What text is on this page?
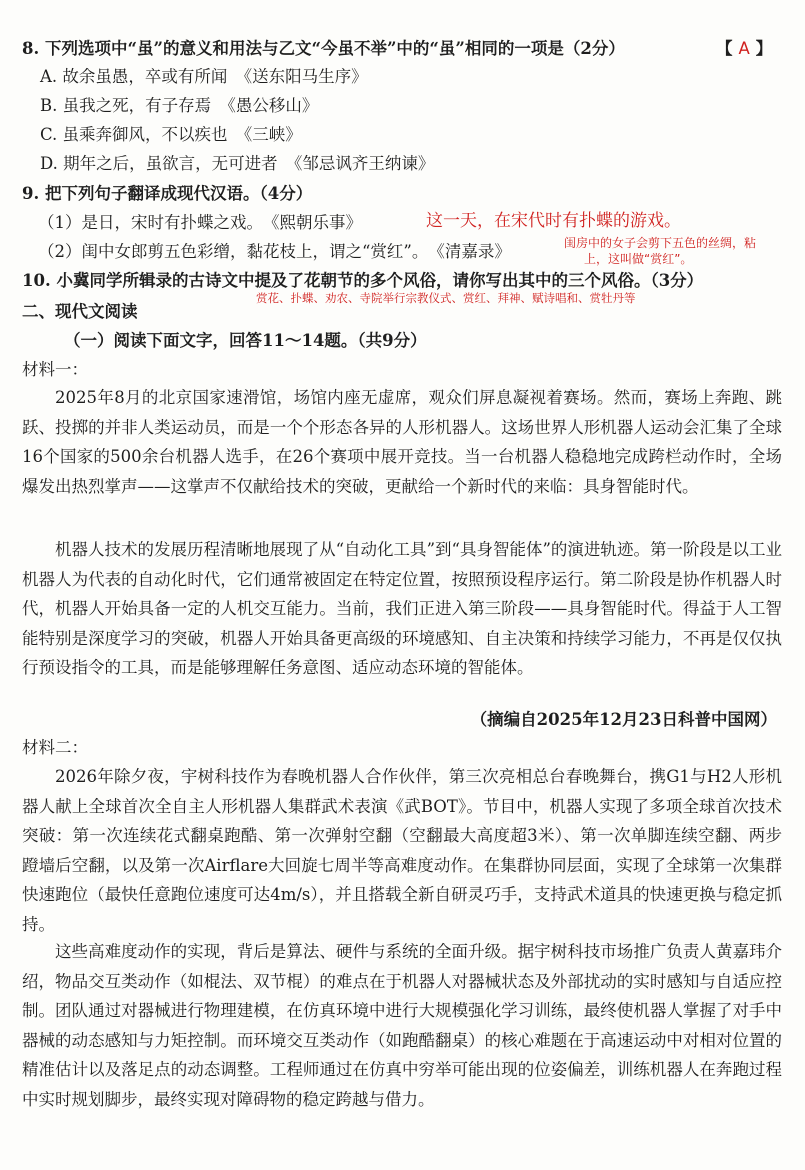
8. 下列选项中“虽”的意义和用法与乙文“今虽不举”中的“虽”相同的一项是（2分）	【 A 】
A. 故余虽愚，卒或有所闻　《送东阳马生序》
B. 虽我之死，有子存焉　《愚公移山》
C. 虽乘奔御风，不以疾也　《三峡》
D. 期年之后，虽欲言，无可进者　《邹忌讽齐王纳谏》
9. 把下列句子翻译成现代汉语。（4分）
（1）是日，宋时有扑蝶之戏。　《熙朝乐事》	这一天，在宋代时有扑蝶的游戏。
（2）闺中女郎剪五色彩缯，黏花枝上，谓之“赏红”。　《清嘉录》	闺房中的女子会剪下五色的丝绸，粘
上，这叫做“赏红”。
10. 小冀同学所辑录的古诗文中提及了花朝节的多个风俗，请你写出其中的三个风俗。（3分）
赏花、扑蝶、劝农、寺院举行宗教仪式、赏红、拜神、赋诗唱和、赏牡丹等
二、现代文阅读
（一）阅读下面文字，回答11～14题。（共9分）
材料一：

2025年8月的北京国家速滑馆，场馆内座无虚席，观众们屏息凝视着赛场。然而，赛场上奔跑、跳跃、投掷的并非人类运动员，而是一个个形态各异的人形机器人。这场世界人形机器人运动会汇集了全球16个国家的500余台机器人选手，在26个赛项中展开竞技。当一台机器人稳稳地完成跨栏动作时，全场爆发出热烈掌声——这掌声不仅献给技术的突破，更献给一个新时代的来临：具身智能时代。

机器人技术的发展历程清晰地展现了从“自动化工具”到“具身智能体”的演进轨迹。第一阶段是以工业机器人为代表的自动化时代，它们通常被固定在特定位置，按照预设程序运行。第二阶段是协作机器人时代，机器人开始具备一定的人机交互能力。当前，我们正进入第三阶段——具身智能时代。得益于人工智能特别是深度学习的突破，机器人开始具备更高级的环境感知、自主决策和持续学习能力，不再是仅仅执行预设指令的工具，而是能够理解任务意图、适应动态环境的智能体。

（摘编自2025年12月23日科普中国网）
材料二：

2026年除夕夜，宇树科技作为春晚机器人合作伙伴，第三次亮相总台春晚舞台，携G1与H2人形机器人献上全球首次全自主人形机器人集群武术表演《武BOT》。节目中，机器人实现了多项全球首次技术突破：第一次连续花式翻桌跑酷、第一次弹射空翻（空翻最大高度超3米）、第一次单脚连续空翻、两步蹬墙后空翻，以及第一次Airflare大回旋七周半等高难度动作。在集群协同层面，实现了全球第一次集群快速跑位（最快任意跑位速度可达4m/s），并且搭载全新自研灵巧手，支持武术道具的快速更换与稳定抓持。

这些高难度动作的实现，背后是算法、硬件与系统的全面升级。据宇树科技市场推广负责人黄嘉玮介绍，物品交互类动作（如棍法、双节棍）的难点在于机器人对器械状态及外部扰动的实时感知与自适应控制。团队通过对器械进行物理建模，在仿真环境中进行大规模强化学习训练，最终使机器人掌握了对手中器械的动态感知与力矩控制。而环境交互类动作（如跑酷翻桌）的核心难题在于高速运动中对相对位置的精准估计以及落足点的动态调整。工程师通过在仿真中穷举可能出现的位姿偏差，训练机器人在奔跑过程中实时规划脚步，最终实现对障碍物的稳定跨越与借力。
